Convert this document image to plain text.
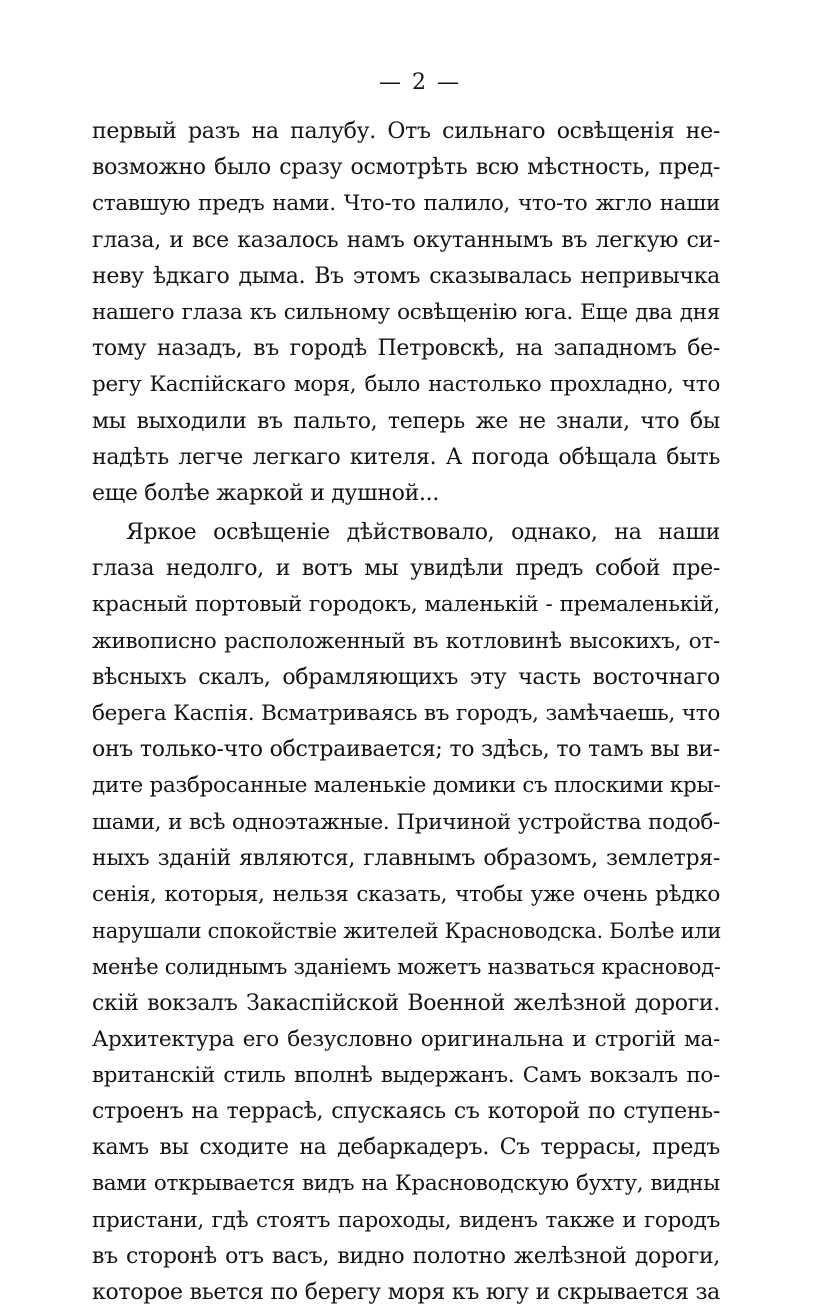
— 2 —
первый разъ на палубу. Отъ сильнаго освѣщенія не-
возможно было сразу осмотрѣть всю мѣстность, пред-
ставшую предъ нами. Что-то палило, что-то жгло наши
глаза, и все казалось намъ окутаннымъ въ легкую си-
неву ѣдкаго дыма. Въ этомъ сказывалась непривычка
нашего глаза къ сильному освѣщенію юга. Еще два дня
тому назадъ, въ городѣ Петровскѣ, на западномъ бе-
регу Каспійскаго моря, было настолько прохладно, что
мы выходили въ пальто, теперь же не знали, что бы
надѣть легче легкаго кителя. А погода обѣщала быть
еще болѣе жаркой и душной...
Яркое освѣщеніе дѣйствовало, однако, на наши
глаза недолго, и вотъ мы увидѣли предъ собой пре-
красный портовый городокъ, маленькій - премаленькій,
живописно расположенный въ котловинѣ высокихъ, от-
вѣсныхъ скалъ, обрамляющихъ эту часть восточнаго
берега Каспія. Всматриваясь въ городъ, замѣчаешь, что
онъ только-что обстраивается; то здѣсь, то тамъ вы ви-
дите разбросанные маленькіе домики съ плоскими кры-
шами, и всѣ одноэтажные. Причиной устройства подоб-
ныхъ зданій являются, главнымъ образомъ, землетря-
сенія, которыя, нельзя сказать, чтобы уже очень рѣдко
нарушали спокойствіе жителей Красноводска. Болѣе или
менѣе солиднымъ зданіемъ можетъ назваться красновод-
скій вокзалъ Закаспійской Военной желѣзной дороги.
Архитектура его безусловно оригинальна и строгій ма-
вританскій стиль вполнѣ выдержанъ. Самъ вокзалъ по-
строенъ на террасѣ, спускаясь съ которой по ступень-
камъ вы сходите на дебаркадеръ. Съ террасы, предъ
вами открывается видъ на Красноводскую бухту, видны
пристани, гдѣ стоятъ пароходы, виденъ также и городъ
въ сторонѣ отъ васъ, видно полотно желѣзной дороги,
которое вьется по берегу моря къ югу и скрывается за
